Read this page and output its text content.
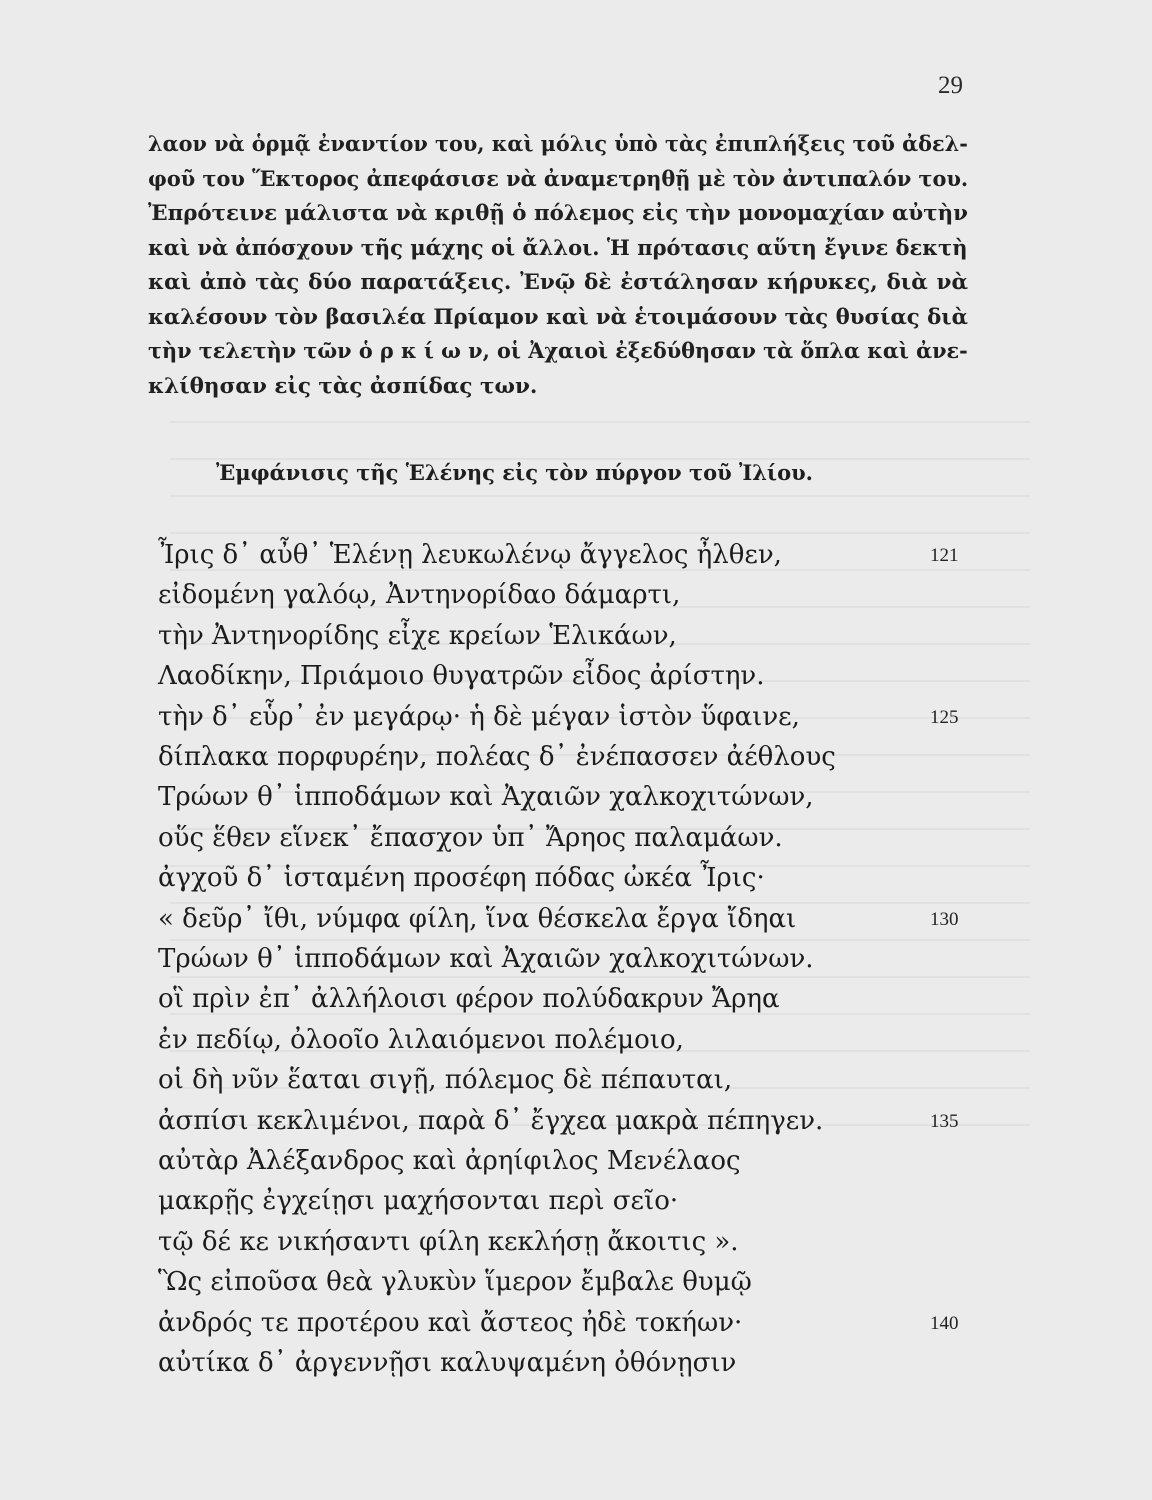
29
λαον νὰ ὁρμᾷ ἐναντίον του, καὶ μόλις ὑπὸ τὰς ἐπιπλήξεις τοῦ ἀδελ-
φοῦ του Ἕκτορος ἀπεφάσισε νὰ ἀναμετρηθῇ μὲ τὸν ἀντιπαλόν του.
Ἐπρότεινε μάλιστα νὰ κριθῇ ὁ πόλεμος εἰς τὴν μονομαχίαν αὐτὴν
καὶ νὰ ἀπόσχουν τῆς μάχης οἱ ἄλλοι. Ἡ πρότασις αὕτη ἔγινε δεκτὴ
καὶ ἀπὸ τὰς δύο παρατάξεις. Ἐνῷ δὲ ἐστάλησαν κήρυκες, διὰ νὰ
καλέσουν τὸν βασιλέα Πρίαμον καὶ νὰ ἑτοιμάσουν τὰς θυσίας διὰ
τὴν τελετὴν τῶν ὁ ρ κ ί ω ν, οἱ Ἀχαιοὶ ἐξεδύθησαν τὰ ὅπλα καὶ ἀνε-
κλίθησαν εἰς τὰς ἀσπίδας των.
Ἐμφάνισις τῆς Ἑλένης εἰς τὸν πύργον τοῦ Ἰλίου.
Ἶρις δ᾿ αὖθ᾿ Ἑλένῃ λευκωλένῳ ἄγγελος ἦλθεν,	121
εἰδομένη γαλόῳ, Ἀντηνορίδαο δάμαρτι,
τὴν Ἀντηνορίδης εἶχε κρείων Ἑλικάων,
Λαοδίκην, Πριάμοιο θυγατρῶν εἶδος ἀρίστην.
τὴν δ᾿ εὗρ᾿ ἐν μεγάρῳ· ἡ δὲ μέγαν ἱστὸν ὕφαινε,	125
δίπλακα πορφυρέην, πολέας δ᾿ ἐνέπασσεν ἀέθλους
Τρώων θ᾿ ἱπποδάμων καὶ Ἀχαιῶν χαλκοχιτώνων,
οὕς ἕθεν εἵνεκ᾿ ἔπασχον ὑπ᾿ Ἄρηος παλαμάων.
ἀγχοῦ δ᾿ ἱσταμένη προσέφη πόδας ὠκέα Ἶρις·
« δεῦρ᾿ ἴθι, νύμφα φίλη, ἵνα θέσκελα ἔργα ἴδηαι	130
Τρώων θ᾿ ἱπποδάμων καὶ Ἀχαιῶν χαλκοχιτώνων.
οἳ πρὶν ἐπ᾿ ἀλλήλοισι φέρον πολύδακρυν Ἄρηα
ἐν πεδίῳ, ὀλοοῖο λιλαιόμενοι πολέμοιο,
οἱ δὴ νῦν ἕαται σιγῇ, πόλεμος δὲ πέπαυται,
ἀσπίσι κεκλιμένοι, παρὰ δ᾿ ἔγχεα μακρὰ πέπηγεν.	135
αὐτὰρ Ἀλέξανδρος καὶ ἀρηίφιλος Μενέλαος
μακρῇς ἐγχείῃσι μαχήσονται περὶ σεῖο·
τῷ δέ κε νικήσαντι φίλη κεκλήσῃ ἄκοιτις ».
Ὣς εἰποῦσα θεὰ γλυκὺν ἵμερον ἔμβαλε θυμῷ
ἀνδρός τε προτέρου καὶ ἄστεος ἠδὲ τοκήων·	140
αὐτίκα δ᾿ ἀργεννῇσι καλυψαμένη ὀθόνῃσιν
